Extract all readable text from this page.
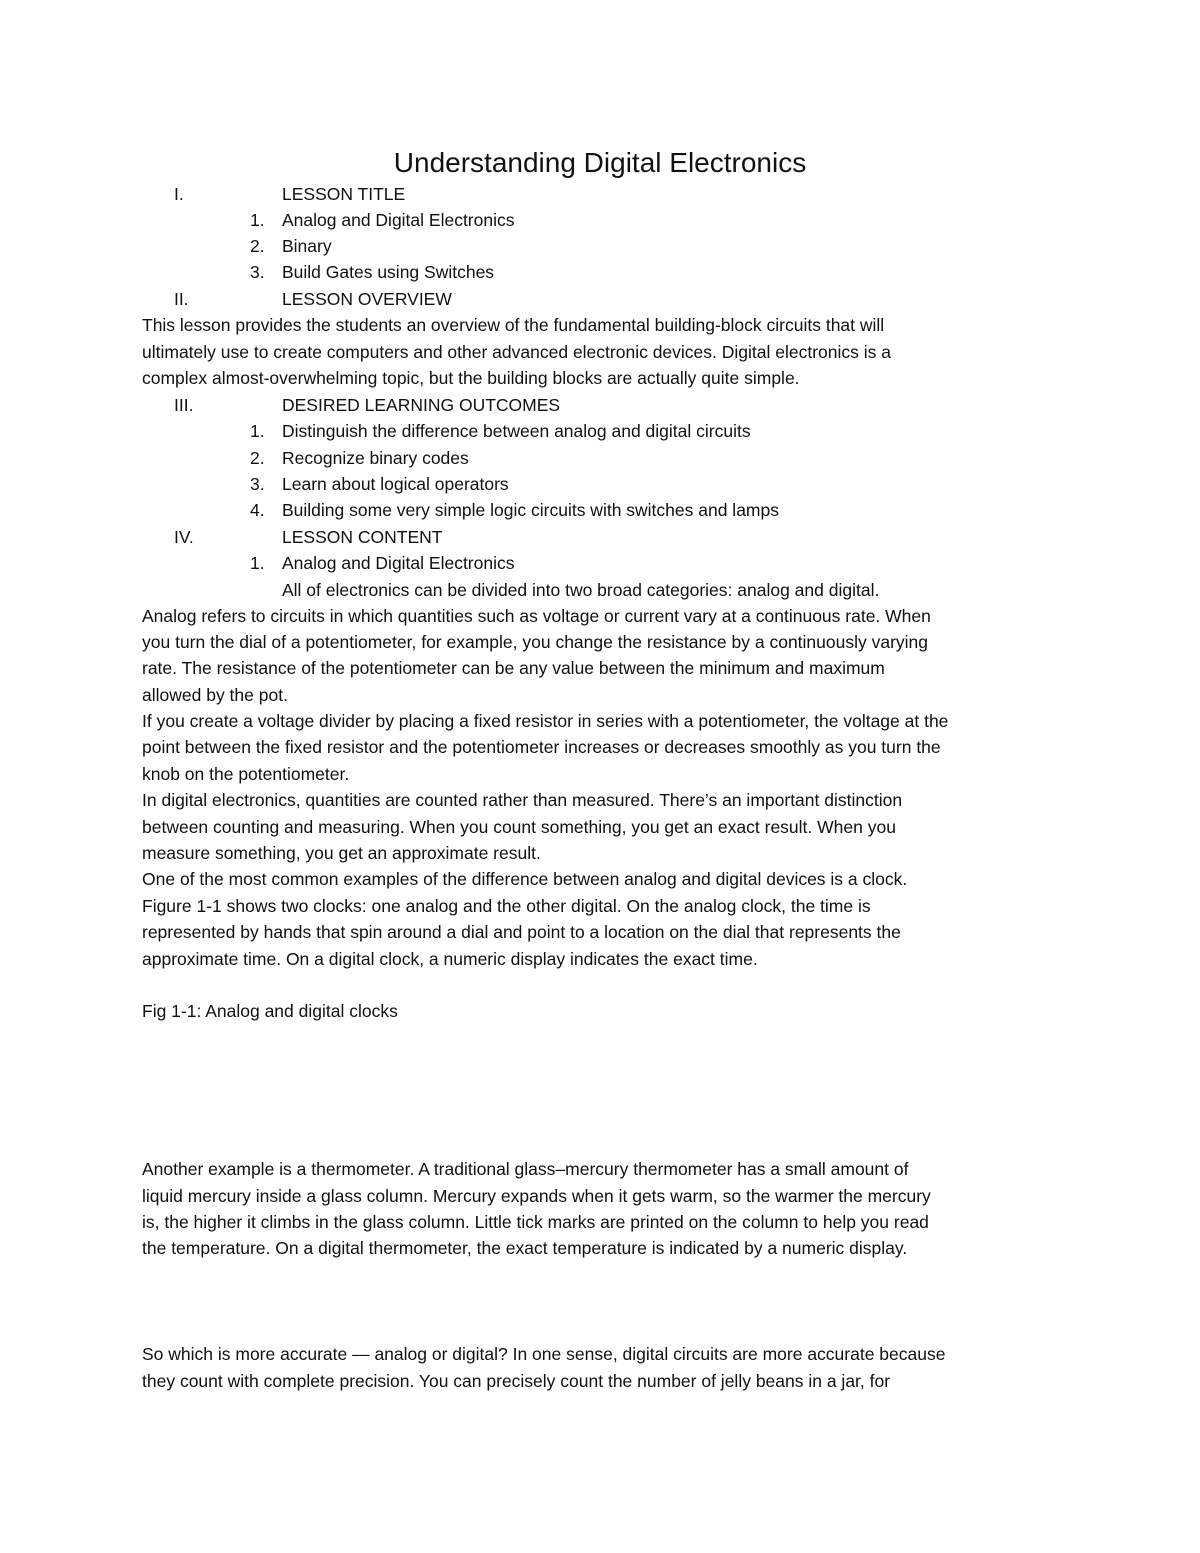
Understanding Digital Electronics
I.	LESSON TITLE
1. Analog and Digital Electronics
2. Binary
3. Build Gates using Switches
II.	LESSON OVERVIEW
This lesson provides the students an overview of the fundamental building-block circuits that will
ultimately use to create computers and other advanced electronic devices. Digital electronics is a
complex almost-overwhelming topic, but the building blocks are actually quite simple.
III.	DESIRED LEARNING OUTCOMES
1. Distinguish the difference between analog and digital circuits
2. Recognize binary codes
3. Learn about logical operators
4. Building some very simple logic circuits with switches and lamps
IV.	LESSON CONTENT
1. Analog and Digital Electronics
All of electronics can be divided into two broad categories: analog and digital.
Analog refers to circuits in which quantities such as voltage or current vary at a continuous rate. When
you turn the dial of a potentiometer, for example, you change the resistance by a continuously varying
rate. The resistance of the potentiometer can be any value between the minimum and maximum
allowed by the pot.
If you create a voltage divider by placing a fixed resistor in series with a potentiometer, the voltage at the
point between the fixed resistor and the potentiometer increases or decreases smoothly as you turn the
knob on the potentiometer.
In digital electronics, quantities are counted rather than measured. There’s an important distinction
between counting and measuring. When you count something, you get an exact result. When you
measure something, you get an approximate result.
One of the most common examples of the difference between analog and digital devices is a clock.
Figure 1-1 shows two clocks: one analog and the other digital. On the analog clock, the time is
represented by hands that spin around a dial and point to a location on the dial that represents the
approximate time. On a digital clock, a numeric display indicates the exact time.
Fig 1-1: Analog and digital clocks
Another example is a thermometer. A traditional glass–mercury thermometer has a small amount of
liquid mercury inside a glass column. Mercury expands when it gets warm, so the warmer the mercury
is, the higher it climbs in the glass column. Little tick marks are printed on the column to help you read
the temperature. On a digital thermometer, the exact temperature is indicated by a numeric display.
So which is more accurate — analog or digital? In one sense, digital circuits are more accurate because
they count with complete precision. You can precisely count the number of jelly beans in a jar, for
